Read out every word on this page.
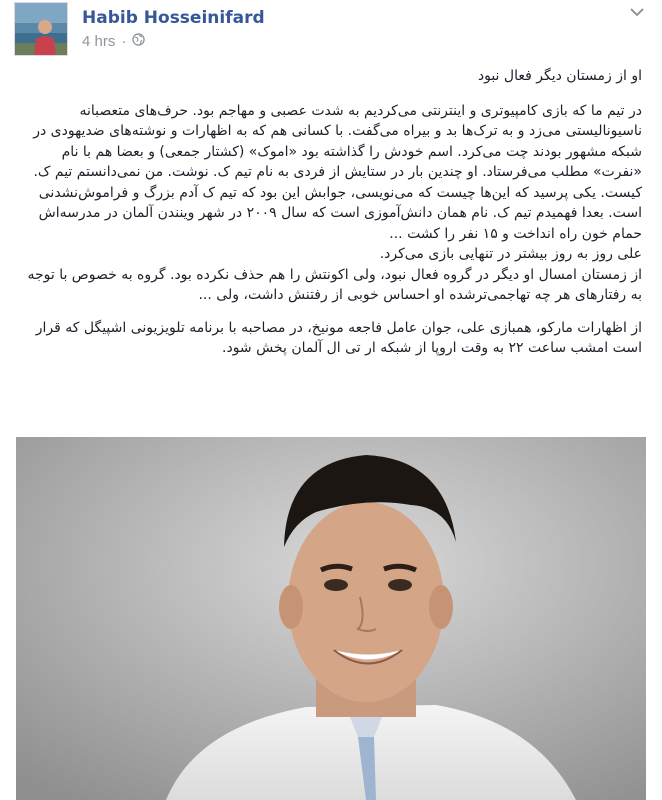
Habib Hosseinifard
4 hrs ·

او از زمستان دیگر فعال نبود

در تیم ما که بازی کامپیوتری و اینترنتی می‌کردیم به شدت عصبی و مهاجم بود. حرف‌های متعصبانه ناسیونالیستی می‌زد و به ترک‌ها بد و بیراه می‌گفت. با کسانی هم که به اظهارات و نوشته‌های ضدیهودی در شبکه مشهور بودند چت می‌کرد. اسم خودش را گذاشته بود «اموک» (کشتار جمعی) و بعضا هم با نام «نفرت» مطلب می‌فرستاد. او چندین بار در ستایش از فردی به نام تیم ک. نوشت. من نمی‌دانستم تیم ک. کیست. یکی پرسید که این‌ها چیست که می‌نویسی، جوابش این بود که تیم ک آدم بزرگ و فراموش‌نشدنی است. بعدا فهمیدم تیم ک. نام همان دانش‌آموزی است که سال ۲۰۰۹ در شهر وینندن آلمان در مدرسه‌اش حمام خون راه انداخت و ۱۵ نفر را کشت ...

علی روز به روز بیشتر در تنهایی بازی می‌کرد.

از زمستان امسال او دیگر در گروه فعال نبود، ولی اکونتش را هم حذف نکرده بود. گروه به خصوص با توجه به رفتارهای هر چه تهاجمی‌ترشده او احساس خوبی از رفتنش داشت، ولی ...

از اظهارات مارکو، همبازی علی، جوان عامل فاجعه مونیخ، در مصاحبه با برنامه تلویزیونی اشپیگل که قرار است امشب ساعت ۲۲ به وقت اروپا از شبکه ار تی ال آلمان پخش شود.
